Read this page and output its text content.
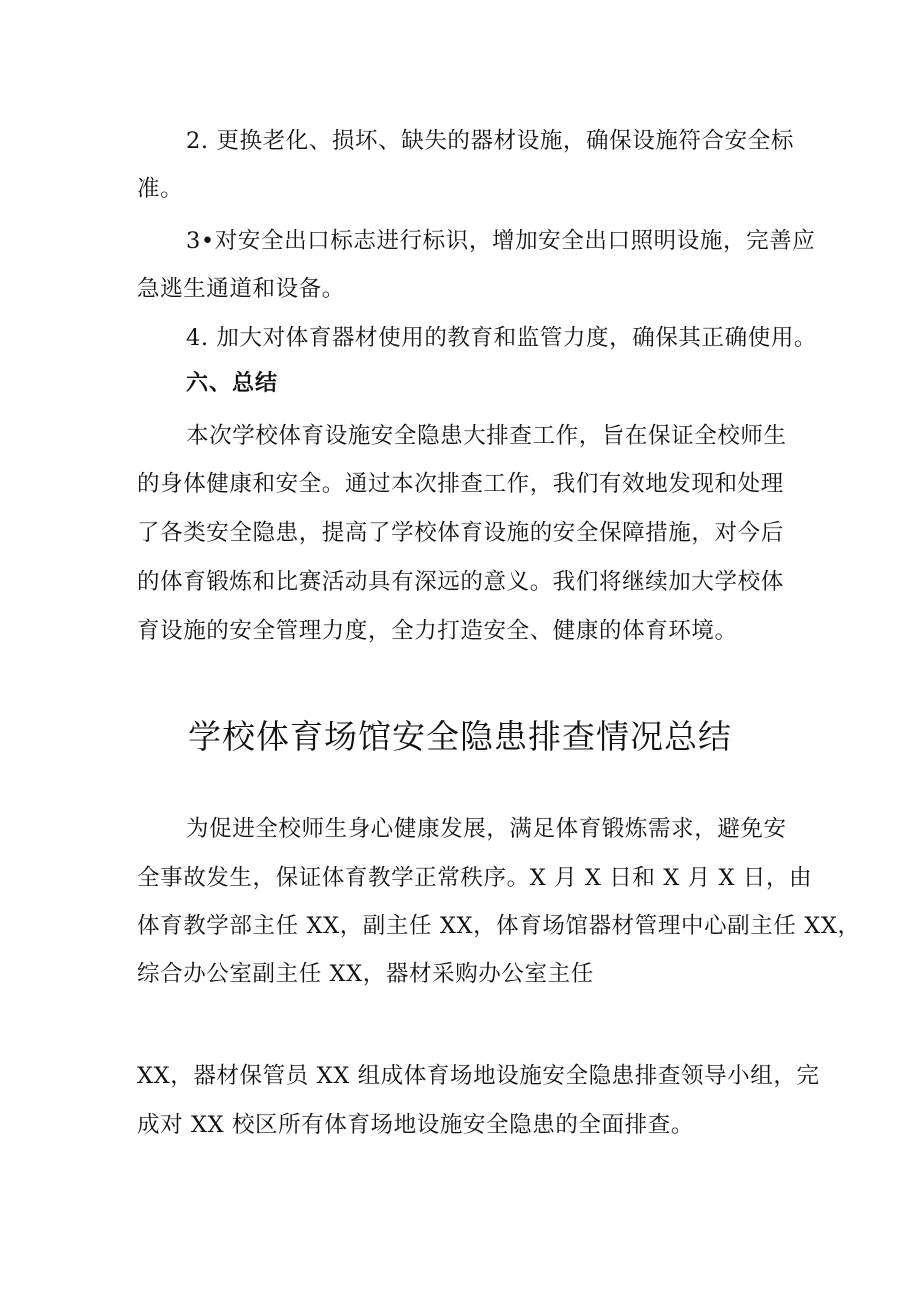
2. 更换老化、损坏、缺失的器材设施，确保设施符合安全标
准。
3•对安全出口标志进行标识，增加安全出口照明设施，完善应
急逃生通道和设备。
4. 加大对体育器材使用的教育和监管力度，确保其正确使用。
六、总结
本次学校体育设施安全隐患大排查工作，旨在保证全校师生
的身体健康和安全。通过本次排查工作，我们有效地发现和处理
了各类安全隐患，提高了学校体育设施的安全保障措施，对今后
的体育锻炼和比赛活动具有深远的意义。我们将继续加大学校体
育设施的安全管理力度，全力打造安全、健康的体育环境。
学校体育场馆安全隐患排查情况总结
为促进全校师生身心健康发展，满足体育锻炼需求，避免安
全事故发生，保证体育教学正常秩序。X 月 X 日和 X 月 X 日，由
体育教学部主任 XX，副主任 XX，体育场馆器材管理中心副主任 XX，
综合办公室副主任 XX，器材采购办公室主任
XX，器材保管员 XX 组成体育场地设施安全隐患排查领导小组，完
成对 XX 校区所有体育场地设施安全隐患的全面排查。
